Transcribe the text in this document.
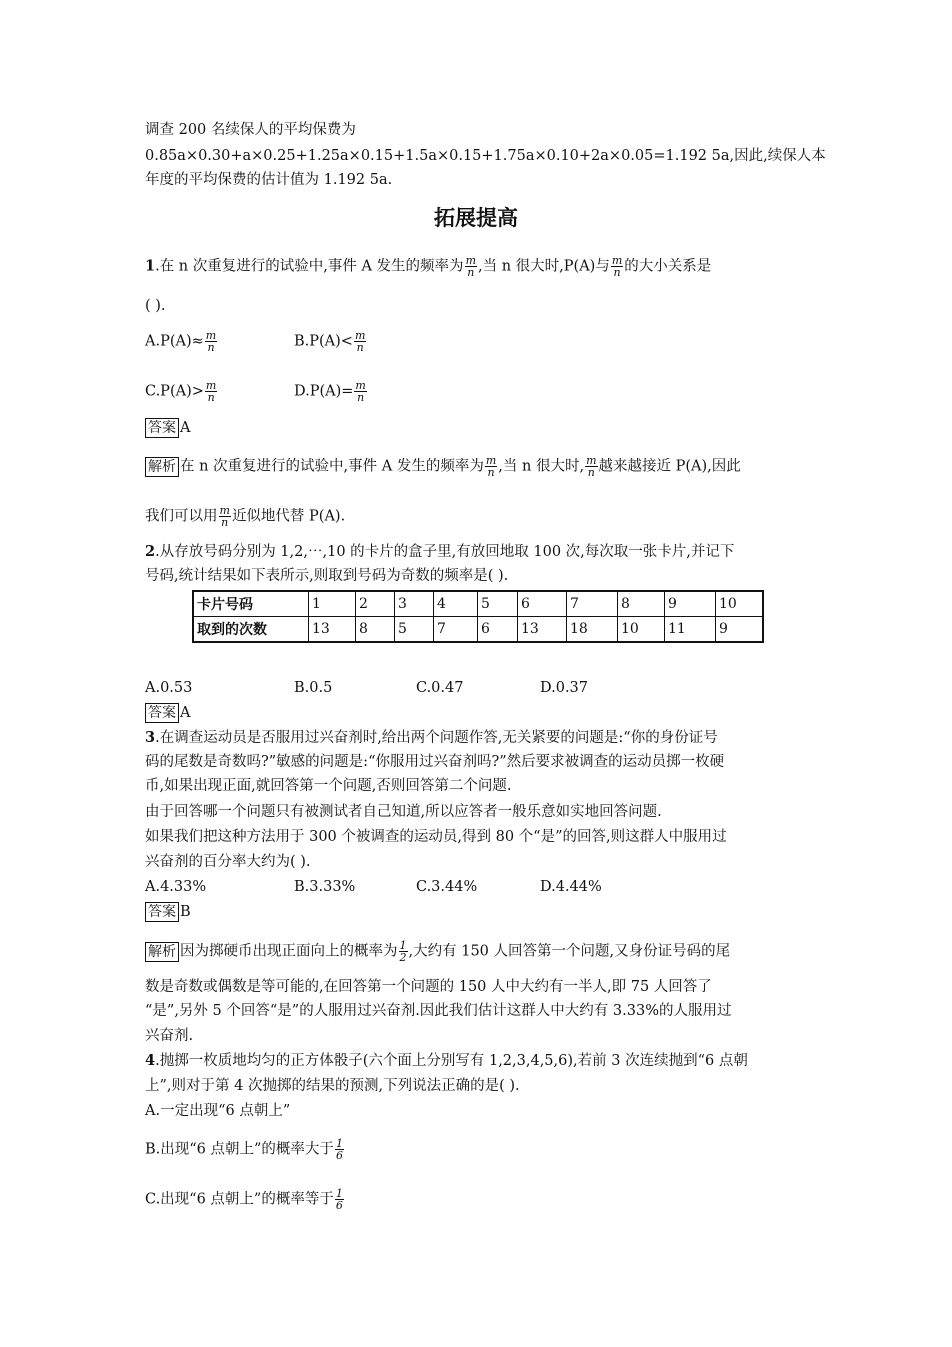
调查 200 名续保人的平均保费为
0.85a×0.30+a×0.25+1.25a×0.15+1.5a×0.15+1.75a×0.10+2a×0.05=1.192 5a,因此,续保人本
年度的平均保费的估计值为 1.192 5a.
拓展提高
1.在 n 次重复进行的试验中,事件 A 发生的频率为 $\frac{m}{n}$ ,当 n 很大时,P(A)与 $\frac{m}{n}$ 的大小关系是
( ).
$A.P(A)\approx \frac{m}{n}$	$B.P(A)< \frac{m}{n}$
$C.P(A)> \frac{m}{n}$	$D.P(A)= \frac{m}{n}$
答案 A
解析 在 n 次重复进行的试验中,事件 A 发生的频率为 $\frac{m}{n}$ ,当 n 很大时, $\frac{m}{n}$ 越来越接近 P(A),因此
我们可以用 $\frac{m}{n}$ 近似地代替 P(A).
2.从存放号码分别为 1,2,⋯,10 的卡片的盒子里,有放回地取 100 次,每次取一张卡片,并记下
号码,统计结果如下表所示,则取到号码为奇数的频率是( ).
卡片号码	1	2	3	4	5	6	7	8	9	10
取到的次数	13	8	5	7	6	13	18	10	11	9
A.0.53	B.0.5	C.0.47	D.0.37
答案 A
3.在调查运动员是否服用过兴奋剂时,给出两个问题作答,无关紧要的问题是:“你的身份证号
码的尾数是奇数吗?”敏感的问题是:“你服用过兴奋剂吗?”然后要求被调查的运动员掷一枚硬
币,如果出现正面,就回答第一个问题,否则回答第二个问题.
由于回答哪一个问题只有被测试者自己知道,所以应答者一般乐意如实地回答问题.
如果我们把这种方法用于 300 个被调查的运动员,得到 80 个“是”的回答,则这群人中服用过
兴奋剂的百分率大约为( ).
A.4.33%	B.3.33%	C.3.44%	D.4.44%
答案 B
解析 因为掷硬币出现正面向上的概率为 $\frac{1}{2}$ ,大约有 150 人回答第一个问题,又身份证号码的尾
数是奇数或偶数是等可能的,在回答第一个问题的 150 人中大约有一半人,即 75 人回答了
“是”,另外 5 个回答“是”的人服用过兴奋剂.因此我们估计这群人中大约有 3.33%的人服用过
兴奋剂.
4.抛掷一枚质地均匀的正方体骰子(六个面上分别写有 1,2,3,4,5,6),若前 3 次连续抛到“6 点朝
上”,则对于第 4 次抛掷的结果的预测,下列说法正确的是( ).
A.一定出现“6 点朝上”
B.出现“6 点朝上”的概率大于 $\frac{1}{6}$
C.出现“6 点朝上”的概率等于 $\frac{1}{6}$
